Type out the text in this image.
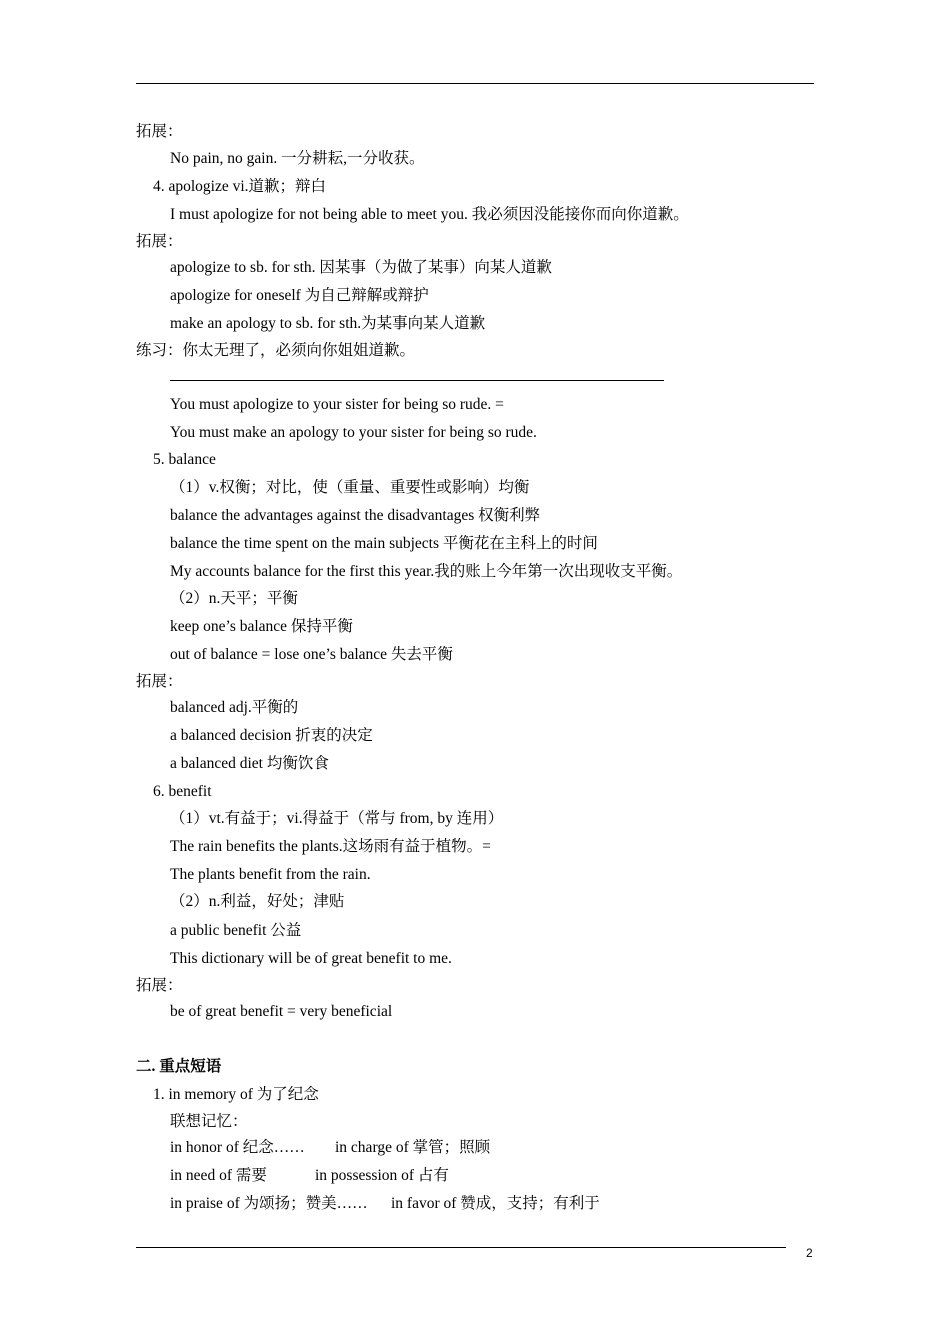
拓展：
No pain, no gain. 一分耕耘,一分收获。
4. apologize vi.道歉；辩白
I must apologize for not being able to meet you. 我必须因没能接你而向你道歉。
拓展：
apologize to sb. for sth. 因某事（为做了某事）向某人道歉
apologize for oneself 为自己辩解或辩护
make an apology to sb. for sth.为某事向某人道歉
练习：你太无理了，必须向你姐姐道歉。
You must apologize to your sister for being so rude. =
You must make an apology to your sister for being so rude.
5. balance
（1）v.权衡；对比，使（重量、重要性或影响）均衡
balance the advantages against the disadvantages 权衡利弊
balance the time spent on the main subjects 平衡花在主科上的时间
My accounts balance for the first this year.我的账上今年第一次出现收支平衡。
（2）n.天平；平衡
keep one’s balance 保持平衡
out of balance = lose one’s balance 失去平衡
拓展：
balanced adj.平衡的
a balanced decision 折衷的决定
a balanced diet 均衡饮食
6. benefit
（1）vt.有益于；vi.得益于（常与 from, by 连用）
The rain benefits the plants.这场雨有益于植物。=
The plants benefit from the rain.
（2）n.利益，好处；津贴
a public benefit 公益
This dictionary will be of great benefit to me.
拓展：
be of great benefit = very beneficial
二. 重点短语
1. in memory of 为了纪念
联想记忆：
in honor of 纪念…… in charge of 掌管；照顾
in need of 需要	in possession of 占有
in praise of 为颂扬；赞美…… in favor of 赞成，支持；有利于
2
